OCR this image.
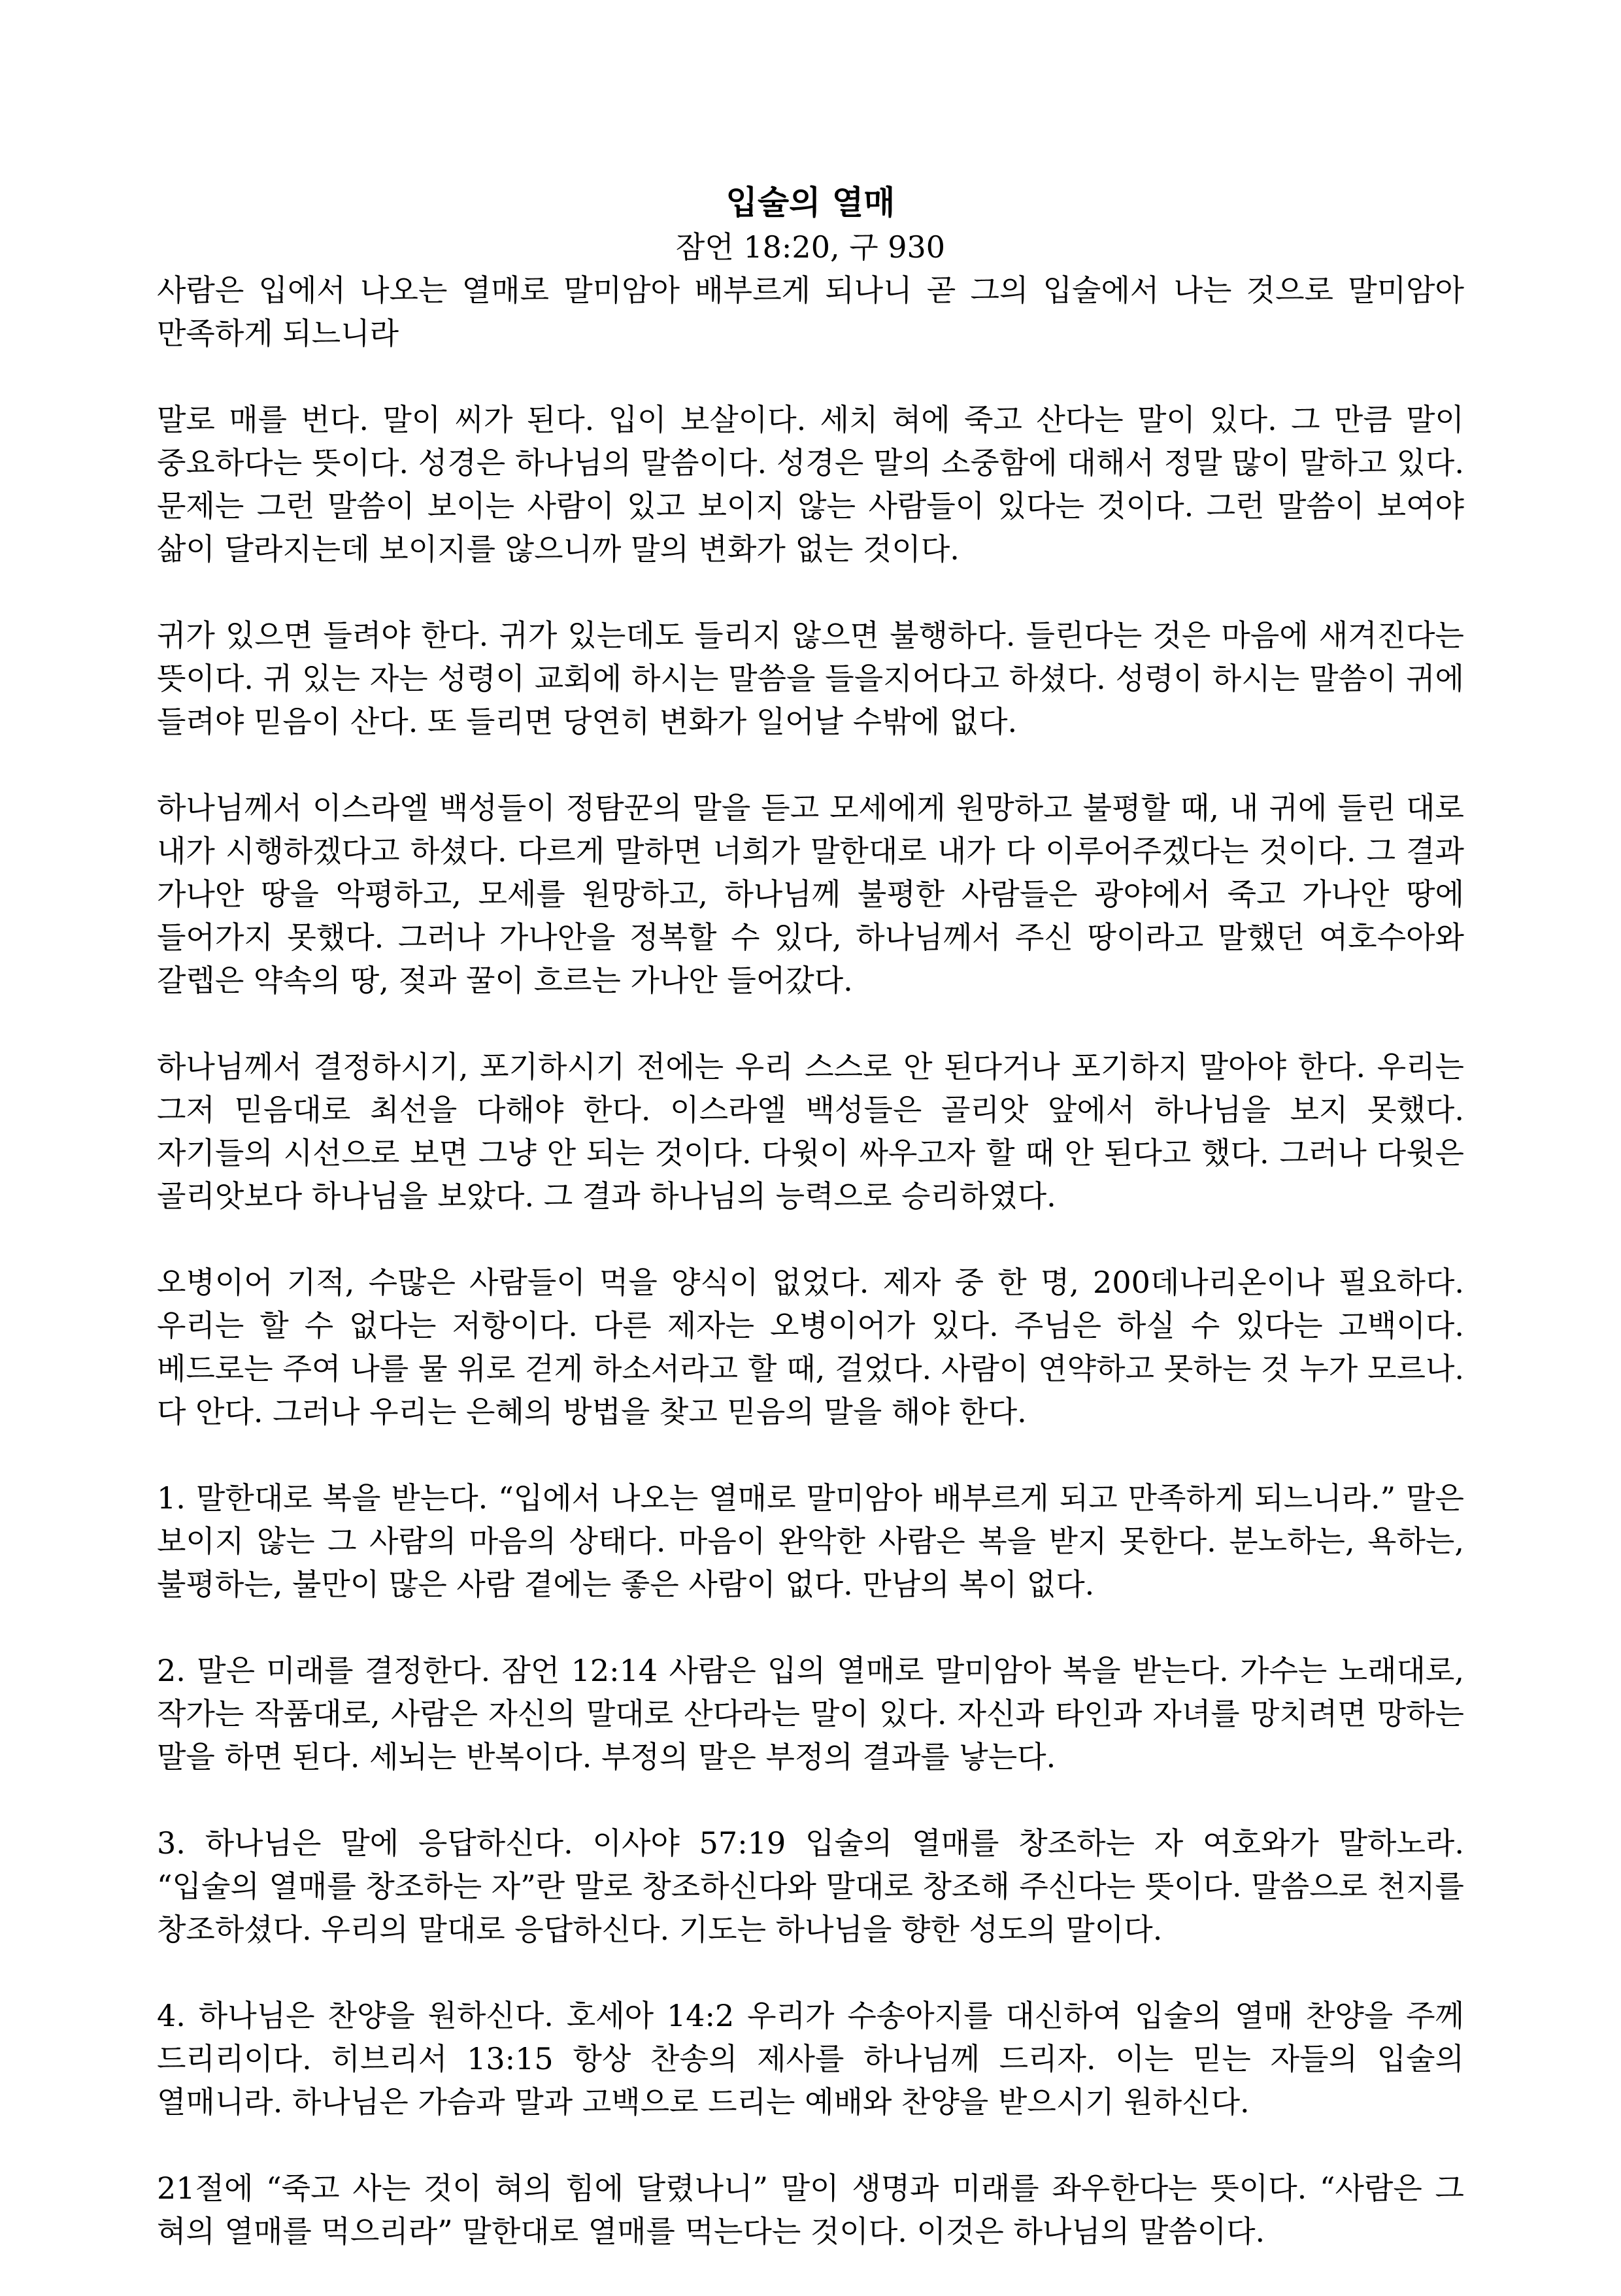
입술의 열매
잠언 18:20, 구 930

사람은 입에서 나오는 열매로 말미암아 배부르게 되나니 곧 그의 입술에서 나는 것으로 말미암아 만족하게 되느니라

말로 매를 번다. 말이 씨가 된다. 입이 보살이다. 세치 혀에 죽고 산다는 말이 있다. 그 만큼 말이 중요하다는 뜻이다. 성경은 하나님의 말씀이다. 성경은 말의 소중함에 대해서 정말 많이 말하고 있다. 문제는 그런 말씀이 보이는 사람이 있고 보이지 않는 사람들이 있다는 것이다. 그런 말씀이 보여야 삶이 달라지는데 보이지를 않으니까 말의 변화가 없는 것이다.

귀가 있으면 들려야 한다. 귀가 있는데도 들리지 않으면 불행하다. 들린다는 것은 마음에 새겨진다는 뜻이다. 귀 있는 자는 성령이 교회에 하시는 말씀을 들을지어다고 하셨다. 성령이 하시는 말씀이 귀에 들려야 믿음이 산다. 또 들리면 당연히 변화가 일어날 수밖에 없다.

하나님께서 이스라엘 백성들이 정탐꾼의 말을 듣고 모세에게 원망하고 불평할 때, 내 귀에 들린 대로 내가 시행하겠다고 하셨다. 다르게 말하면 너희가 말한대로 내가 다 이루어주겠다는 것이다. 그 결과 가나안 땅을 악평하고, 모세를 원망하고, 하나님께 불평한 사람들은 광야에서 죽고 가나안 땅에 들어가지 못했다. 그러나 가나안을 정복할 수 있다, 하나님께서 주신 땅이라고 말했던 여호수아와 갈렙은 약속의 땅, 젖과 꿀이 흐르는 가나안 들어갔다.

하나님께서 결정하시기, 포기하시기 전에는 우리 스스로 안 된다거나 포기하지 말아야 한다. 우리는 그저 믿음대로 최선을 다해야 한다. 이스라엘 백성들은 골리앗 앞에서 하나님을 보지 못했다. 자기들의 시선으로 보면 그냥 안 되는 것이다. 다윗이 싸우고자 할 때 안 된다고 했다. 그러나 다윗은 골리앗보다 하나님을 보았다. 그 결과 하나님의 능력으로 승리하였다.

오병이어 기적, 수많은 사람들이 먹을 양식이 없었다. 제자 중 한 명, 200데나리온이나 필요하다. 우리는 할 수 없다는 저항이다. 다른 제자는 오병이어가 있다. 주님은 하실 수 있다는 고백이다. 베드로는 주여 나를 물 위로 걷게 하소서라고 할 때, 걸었다. 사람이 연약하고 못하는 것 누가 모르나. 다 안다. 그러나 우리는 은혜의 방법을 찾고 믿음의 말을 해야 한다.

1. 말한대로 복을 받는다. “입에서 나오는 열매로 말미암아 배부르게 되고 만족하게 되느니라.” 말은 보이지 않는 그 사람의 마음의 상태다. 마음이 완악한 사람은 복을 받지 못한다. 분노하는, 욕하는, 불평하는, 불만이 많은 사람 곁에는 좋은 사람이 없다. 만남의 복이 없다.

2. 말은 미래를 결정한다. 잠언 12:14 사람은 입의 열매로 말미암아 복을 받는다. 가수는 노래대로, 작가는 작품대로, 사람은 자신의 말대로 산다라는 말이 있다. 자신과 타인과 자녀를 망치려면 망하는 말을 하면 된다. 세뇌는 반복이다. 부정의 말은 부정의 결과를 낳는다.

3. 하나님은 말에 응답하신다. 이사야 57:19 입술의 열매를 창조하는 자 여호와가 말하노라. “입술의 열매를 창조하는 자”란 말로 창조하신다와 말대로 창조해 주신다는 뜻이다. 말씀으로 천지를 창조하셨다. 우리의 말대로 응답하신다. 기도는 하나님을 향한 성도의 말이다.

4. 하나님은 찬양을 원하신다. 호세아 14:2 우리가 수송아지를 대신하여 입술의 열매 찬양을 주께 드리리이다. 히브리서 13:15 항상 찬송의 제사를 하나님께 드리자. 이는 믿는 자들의 입술의 열매니라. 하나님은 가슴과 말과 고백으로 드리는 예배와 찬양을 받으시기 원하신다.

21절에 “죽고 사는 것이 혀의 힘에 달렸나니” 말이 생명과 미래를 좌우한다는 뜻이다. “사람은 그 혀의 열매를 먹으리라” 말한대로 열매를 먹는다는 것이다. 이것은 하나님의 말씀이다.
